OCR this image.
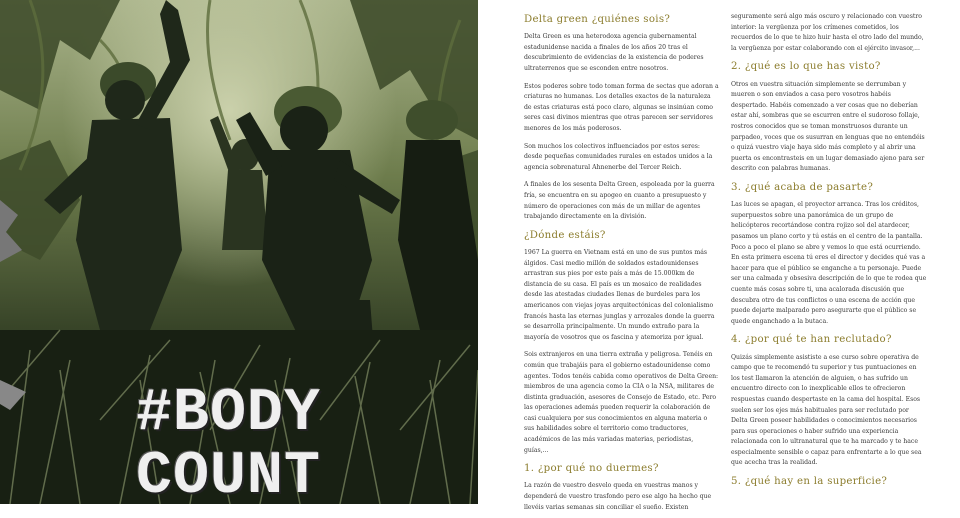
#BODY
COUNT
Delta green ¿quiénes sois?

Delta Green es una heterodoxa agencia gubernamental estadunidense nacida a finales de los años 20 tras el descubrimiento de evidencias de la existencia de poderes ultraterrenos que se esconden entre nosotros.

Estos poderes sobre todo toman forma de sectas que adoran a criaturas no humanas. Los detalles exactos de la naturaleza de estas criaturas está poco claro, algunas se insinúan como seres casi divinos mientras que otras parecen ser servidores menores de los más poderosos.

Son muchos los colectivos influenciados por estos seres: desde pequeñas comunidades rurales en estados unidos a la agencia sobrenatural Ahnenerbe del Tercer Reich.

A finales de los sesenta Delta Green, espoleada por la guerra fría, se encuentra en su apogeo en cuanto a presupuesto y número de operaciones con más de un millar de agentes trabajando directamente en la división.

¿Dónde estáis?

1967 La guerra en Vietnam está en uno de sus puntos más álgidos. Casi medio millón de soldados estadounidenses arrastran sus pies por este país a más de 15.000km de distancia de su casa. El país es un mosaico de realidades desde las atestadas ciudades llenas de burdeles para los americanos con viejas joyas arquitectónicas del colonialismo francés hasta las eternas junglas y arrozales donde la guerra se desarrolla principalmente. Un mundo extraño para la mayoría de vosotros que os fascina y atemoriza por igual.

Sois extranjeros en una tierra extraña y peligrosa. Tenéis en común que trabajáis para el gobierno estadounidense como agentes. Todos tenéis cabida como operativos de Delta Green: miembros de una agencia como la CIA o la NSA, militares de distinta graduación, asesores de Consejo de Estado, etc. Pero las operaciones además pueden requerir la colaboración de casi cualquiera por sus conocimientos en alguna materia o sus habilidades sobre el territorio como traductores, académicos de las más variadas materias, periodistas, guías,...

1. ¿por qué no duermes?

La razón de vuestro desvelo queda en vuestras manos y dependerá de vuestro trasfondo pero ese algo ha hecho que llevéis varias semanas sin conciliar el sueño. Existen

seguramente será algo más oscuro y relacionado con vuestro interior: la vergüenza por los crímenes cometidos, los recuerdos de lo que te hizo huir hasta el otro lado del mundo, la vergüenza por estar colaborando con el ejército invasor,...

2. ¿qué es lo que has visto?

Otros en vuestra situación simplemente se derrumban y mueren o son enviados a casa pero vosotros habéis despertado. Habéis comenzado a ver cosas que no deberían estar ahí, sombras que se escurren entre el sudoroso follaje, rostros conocidos que se toman monstruosos durante un parpadeo, voces que os susurran en lenguas que no entendéis o quizá vuestro viaje haya sido más completo y al abrir una puerta os encontrasteis en un lugar demasiado ajeno para ser descrito con palabras humanas.

3. ¿qué acaba de pasarte?

Las luces se apagan, el proyector arranca. Tras los créditos, superpuestos sobre una panorámica de un grupo de helicópteros recortándose contra rojizo sol del atardecer, pasamos un plano corto y tú estás en el centro de la pantalla. Poco a poco el plano se abre y vemos lo que está ocurriendo. En esta primera escena tú eres el director y decides qué vas a hacer para que el público se enganche a tu personaje. Puede ser una calmada y obsesiva descripción de lo que te rodea que cuente más cosas sobre ti, una acalorada discusión que descubra otro de tus conflictos o una escena de acción que puede dejarte malparado pero asegurarte que el público se quede enganchado a la butaca.

4. ¿por qué te han reclutado?

Quizás simplemente asististe a ese curso sobre operativa de campo que te recomendó tu superior y tus puntuaciones en los test llamaron la atención de alguien, o has sufrido un encuentro directo con lo inexplicable ellos te ofrecieron respuestas cuando despertaste en la cama del hospital. Esos suelen ser los ejes más habituales para ser reclutado por Delta Green poseer habilidades o conocimientos necesarios para sus operaciones o haber sufrido una experiencia relacionada con lo ultranatural que te ha marcado y te hace especialmente sensible o capaz para enfrentarte a lo que sea que acecha tras la realidad.

5. ¿qué hay en la superficie?
